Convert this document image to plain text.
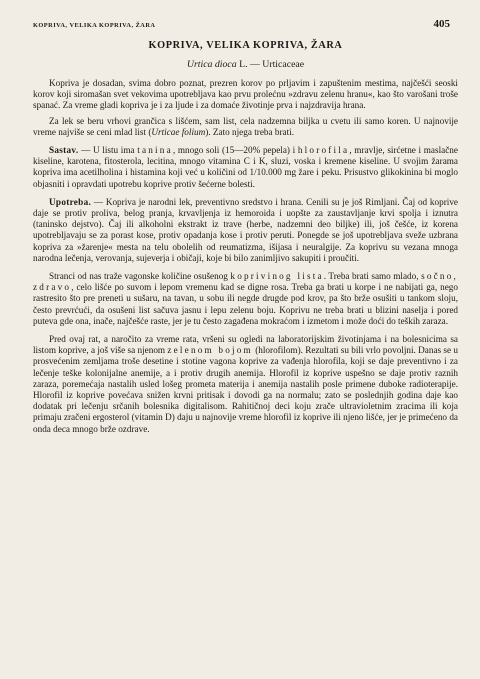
KOPRIVA, VELIKA KOPRIVA, ŽARA	405
KOPRIVA, VELIKA KOPRIVA, ŽARA
Urtica dioca L. — Urticaceae

Kopriva je dosadan, svima dobro poznat, prezren korov po prljavim i zapuštenim mestima, najčešći seoski korov koji siromašan svet vekovima upotrebljava kao prvu prolećnu »zdravu zelenu hranu«, kao što varošani troše spanać. Za vreme gladi kopriva je i za ljude i za domaće životinje prva i najzdravija hrana.

Za lek se beru vrhovi grančica s lišćem, sam list, cela nadzemna biljka u cvetu ili samo koren. U najnovije vreme najviše se ceni mlad list (Urticae folium). Zato njega treba brati.

Sastav. — U listu ima tanina, mnogo soli (15—20% pepela) i hlorofila, mravlje, sirćetne i maslačne kiseline, karotena, fitosterola, lecitina, mnogo vitamina C i K, sluzi, voska i kremene kiseline. U svojim žarama kopriva ima acetilholina i histamina koji već u količini od 1/10.000 mg žare i peku. Prisustvo glikokinina bi moglo objasniti i opravdati upotrebu koprive protiv šećerne bolesti.

Upotreba. — Kopriva je narodni lek, preventivno sredstvo i hrana. Cenili su je još Rimljani. Čaj od koprive daje se protiv proliva, belog pranja, krvavljenja iz hemoroida i uopšte za zaustavljanje krvi spolja i iznutra (taninsko dejstvo). Čaj ili alkoholni ekstrakt iz trave (herbe, nadzemni deo biljke) ili, još češće, iz korena upotrebljavaju se za porast kose, protiv opadanja kose i protiv peruti. Ponegde se još upotrebljava sveže uzbrana kopriva za »žarenje« mesta na telu obolelih od reumatizma, išijasa i neuralgije. Za koprivu su vezana mnoga narodna lečenja, verovanja, sujeverja i običaji, koje bi bilo zanimljivo sakupiti i proučiti.

Stranci od nas traže vagonske količine osušenog koprivinog lista. Treba brati samo mlado, sočno, zdravo, celo lišće po suvom i lepom vremenu kad se digne rosa. Treba ga brati u korpe i ne nabijati ga, nego rastresito što pre preneti u sušaru, na tavan, u sobu ili negde drugde pod krov, pa što brže osušiti u tankom sloju, često prevrćući, da osušeni list sačuva jasnu i lepu zelenu boju. Koprivu ne treba brati u blizini naselja i pored puteva gde ona, inače, najčešće raste, jer je tu često zagađena mokraćom i izmetom i može doći do teških zaraza.

Pred ovaj rat, a naročito za vreme rata, vršeni su ogledi na laboratorijskim životinjama i na bolesnicima sa listom koprive, a još više sa njenom zelenom bojom (hlorofilom). Rezultati su bili vrlo povoljni. Danas se u prosvećenim zemljama troše desetine i stotine vagona koprive za vađenja hlorofila, koji se daje preventivno i za lečenje teške kolonijalne anemije, a i protiv drugih anemija. Hlorofil iz koprive uspešno se daje protiv raznih zaraza, poremećaja nastalih usled lošeg prometa materija i anemija nastalih posle primene duboke radioterapije. Hlorofil iz koprive povećava snižen krvni pritisak i dovodi ga na normalu; zato se poslednjih godina daje kao dodatak pri lečenju srčanih bolesnika digitalisom. Rahitičnoj deci koju zrače ultravioletnim zracima ili koja primaju zračeni ergosterol (vitamin D) daju u najnovije vreme hlorofil iz koprive ili njeno lišće, jer je primećeno da onda deca mnogo brže ozdrave.
